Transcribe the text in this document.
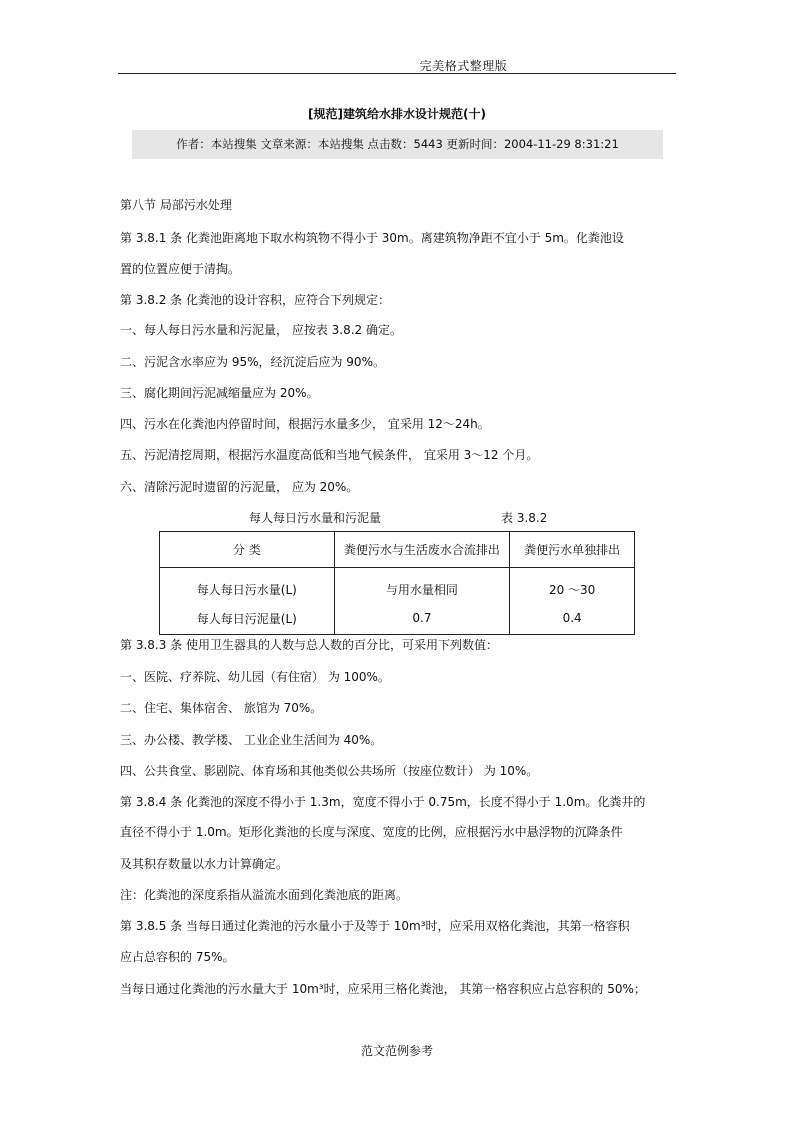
完美格式整理版
[规范]建筑给水排水设计规范(十)
作者：本站搜集 文章来源：本站搜集 点击数：5443 更新时间：2004-11-29 8:31:21
第八节 局部污水处理
第 3.8.1 条 化粪池距离地下取水构筑物不得小于 30m。离建筑物净距不宜小于 5m。化粪池设
置的位置应便于清掏。
第 3.8.2 条 化粪池的设计容积，应符合下列规定：
一、每人每日污水量和污泥量， 应按表 3.8.2 确定。
二、污泥含水率应为 95%，经沉淀后应为 90%。
三、腐化期间污泥减缩量应为 20%。
四、污水在化粪池内停留时间，根据污水量多少， 宜采用 12～24h。
五、污泥清挖周期，根据污水温度高低和当地气候条件， 宜采用 3～12 个月。
六、清除污泥时遗留的污泥量， 应为 20%。
每人每日污水量和污泥量	表 3.8.2
分 类	粪便污水与生活废水合流排出	粪便污水单独排出
每人每日污水量(L)	与用水量相同	20 ～30
每人每日污泥量(L)	0.7	0.4
第 3.8.3 条 使用卫生器具的人数与总人数的百分比，可采用下列数值：
一、医院、疗养院、幼儿园（有住宿） 为 100%。
二、住宅、集体宿舍、 旅馆为 70%。
三、办公楼、教学楼、 工业企业生活间为 40%。
四、公共食堂、影剧院、体育场和其他类似公共场所（按座位数计） 为 10%。
第 3.8.4 条 化粪池的深度不得小于 1.3m，宽度不得小于 0.75m，长度不得小于 1.0m。化粪井的
直径不得小于 1.0m。矩形化粪池的长度与深度、宽度的比例，应根据污水中悬浮物的沉降条件
及其积存数量以水力计算确定。
注：化粪池的深度系指从溢流水面到化粪池底的距离。
第 3.8.5 条 当每日通过化粪池的污水量小于及等于 10m³时，应采用双格化粪池，其第一格容积
应占总容积的 75%。
当每日通过化粪池的污水量大于 10m³时，应采用三格化粪池， 其第一格容积应占总容积的 50%；
范文范例参考
